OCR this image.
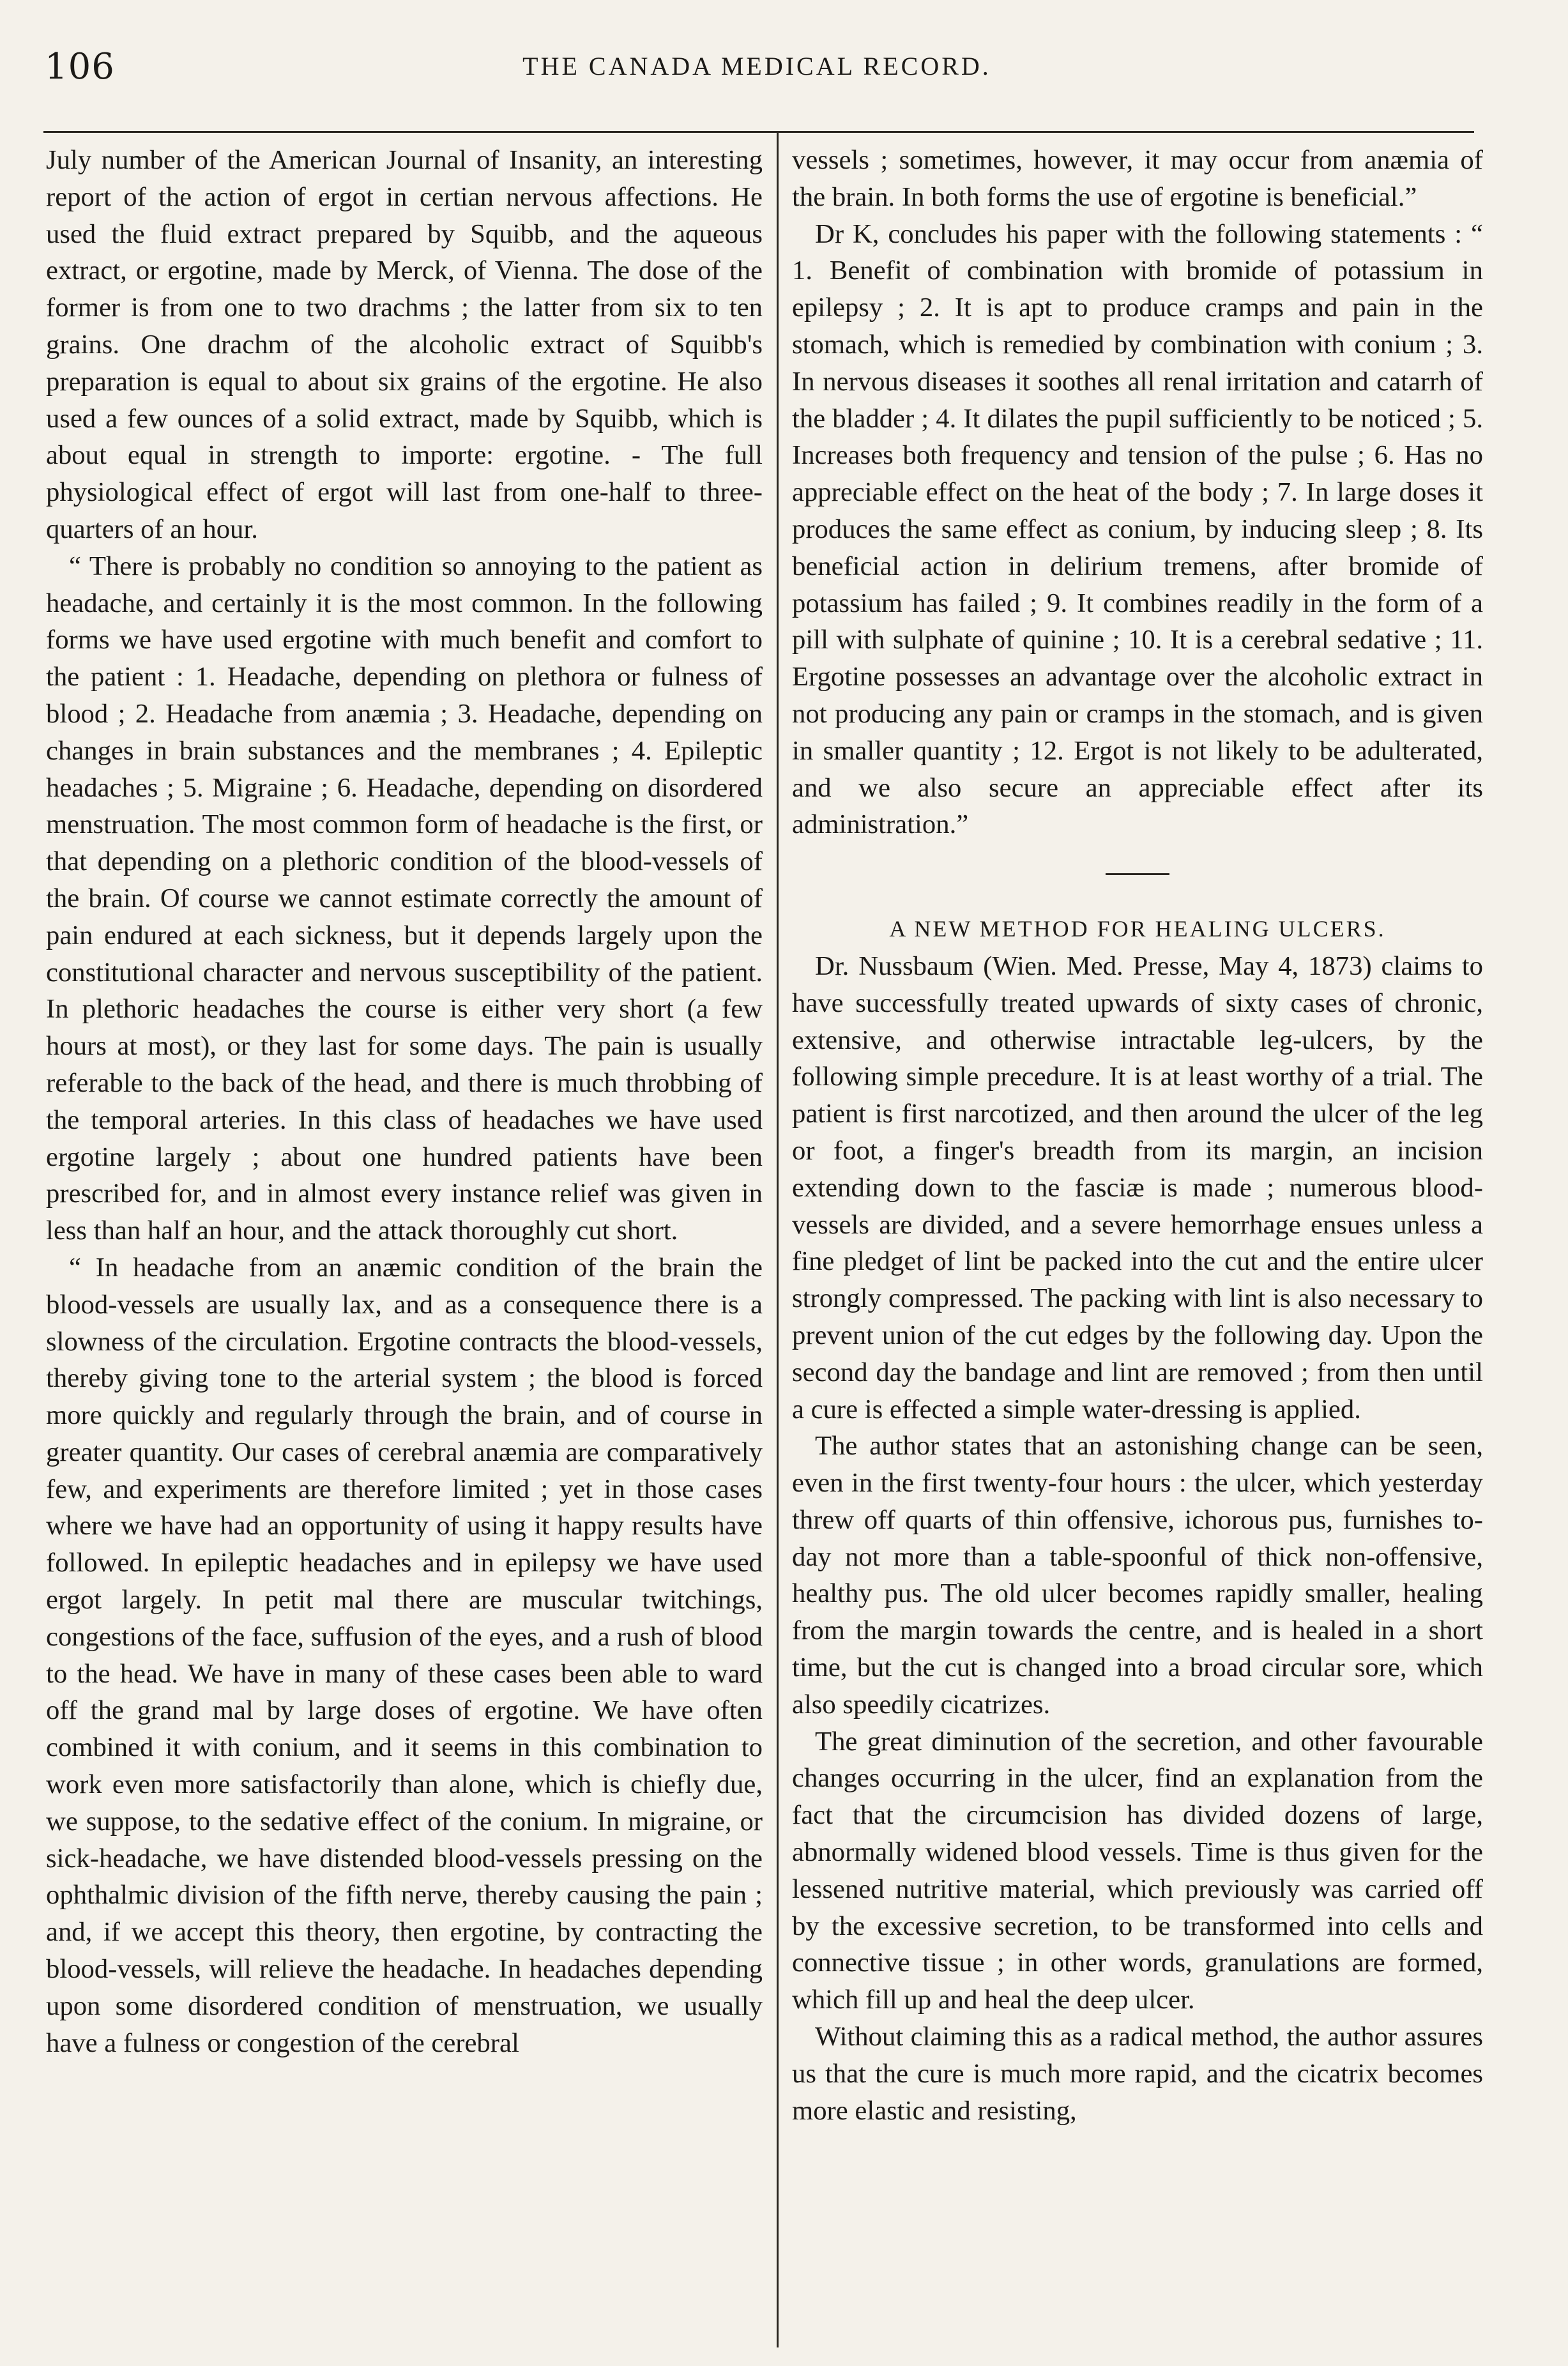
106	THE CANADA MEDICAL RECORD.

July number of the American Journal of Insanity, an interesting report of the action of ergot in certian nervous affections. He used the fluid extract prepared by Squibb, and the aqueous extract, or ergotine, made by Merck, of Vienna. The dose of the former is from one to two drachms ; the latter from six to ten grains. One drachm of the alcoholic extract of Squibb's preparation is equal to about six grains of the ergotine. He also used a few ounces of a solid extract, made by Squibb, which is about equal in strength to importe: ergotine. - The full physiological effect of ergot will last from one-half to three-quarters of an hour.

“ There is probably no condition so annoying to the patient as headache, and certainly it is the most common. In the following forms we have used ergotine with much benefit and comfort to the patient : 1. Headache, depending on plethora or fulness of blood ; 2. Headache from anæmia ; 3. Headache, depending on changes in brain substances and the membranes ; 4. Epileptic headaches ; 5. Migraine ; 6. Headache, depending on disordered menstruation. The most common form of headache is the first, or that depending on a plethoric condition of the blood-vessels of the brain. Of course we cannot estimate correctly the amount of pain endured at each sickness, but it depends largely upon the constitutional character and nervous susceptibility of the patient. In plethoric headaches the course is either very short (a few hours at most), or they last for some days. The pain is usually referable to the back of the head, and there is much throbbing of the temporal arteries. In this class of headaches we have used ergotine largely ; about one hundred patients have been prescribed for, and in almost every instance relief was given in less than half an hour, and the attack thoroughly cut short.

“ In headache from an anæmic condition of the brain the blood-vessels are usually lax, and as a consequence there is a slowness of the circulation. Ergotine contracts the blood-vessels, thereby giving tone to the arterial system ; the blood is forced more quickly and regularly through the brain, and of course in greater quantity. Our cases of cerebral anæmia are comparatively few, and experiments are therefore limited ; yet in those cases where we have had an opportunity of using it happy results have followed. In epileptic headaches and in epilepsy we have used ergot largely. In petit mal there are muscular twitchings, congestions of the face, suffusion of the eyes, and a rush of blood to the head. We have in many of these cases been able to ward off the grand mal by large doses of ergotine. We have often combined it with conium, and it seems in this combination to work even more satisfactorily than alone, which is chiefly due, we suppose, to the sedative effect of the conium. In migraine, or sick-headache, we have distended blood-vessels pressing on the ophthalmic division of the fifth nerve, thereby causing the pain ; and, if we accept this theory, then ergotine, by contracting the blood-vessels, will relieve the headache. In headaches depending upon some disordered condition of menstruation, we usually have a fulness or congestion of the cerebral

vessels ; sometimes, however, it may occur from anæmia of the brain. In both forms the use of ergotine is beneficial.”

Dr K, concludes his paper with the following statements : “ 1. Benefit of combination with bromide of potassium in epilepsy ; 2. It is apt to produce cramps and pain in the stomach, which is remedied by combination with conium ; 3. In nervous diseases it soothes all renal irritation and catarrh of the bladder ; 4. It dilates the pupil sufficiently to be noticed ; 5. Increases both frequency and tension of the pulse ; 6. Has no appreciable effect on the heat of the body ; 7. In large doses it produces the same effect as conium, by inducing sleep ; 8. Its beneficial action in delirium tremens, after bromide of potassium has failed ; 9. It combines readily in the form of a pill with sulphate of quinine ; 10. It is a cerebral sedative ; 11. Ergotine possesses an advantage over the alcoholic extract in not producing any pain or cramps in the stomach, and is given in smaller quantity ; 12. Ergot is not likely to be adulterated, and we also secure an appreciable effect after its administration.”

A NEW METHOD FOR HEALING ULCERS.

Dr. Nussbaum (Wien. Med. Presse, May 4, 1873) claims to have successfully treated upwards of sixty cases of chronic, extensive, and otherwise intractable leg-ulcers, by the following simple precedure. It is at least worthy of a trial. The patient is first narcotized, and then around the ulcer of the leg or foot, a finger's breadth from its margin, an incision extending down to the fasciæ is made ; numerous blood-vessels are divided, and a severe hemorrhage ensues unless a fine pledget of lint be packed into the cut and the entire ulcer strongly compressed. The packing with lint is also necessary to prevent union of the cut edges by the following day. Upon the second day the bandage and lint are removed ; from then until a cure is effected a simple water-dressing is applied.

The author states that an astonishing change can be seen, even in the first twenty-four hours : the ulcer, which yesterday threw off quarts of thin offensive, ichorous pus, furnishes to-day not more than a table-spoonful of thick non-offensive, healthy pus. The old ulcer becomes rapidly smaller, healing from the margin towards the centre, and is healed in a short time, but the cut is changed into a broad circular sore, which also speedily cicatrizes.

The great diminution of the secretion, and other favourable changes occurring in the ulcer, find an explanation from the fact that the circumcision has divided dozens of large, abnormally widened blood vessels. Time is thus given for the lessened nutritive material, which previously was carried off by the excessive secretion, to be transformed into cells and connective tissue ; in other words, granulations are formed, which fill up and heal the deep ulcer.

Without claiming this as a radical method, the author assures us that the cure is much more rapid, and the cicatrix becomes more elastic and resisting,
